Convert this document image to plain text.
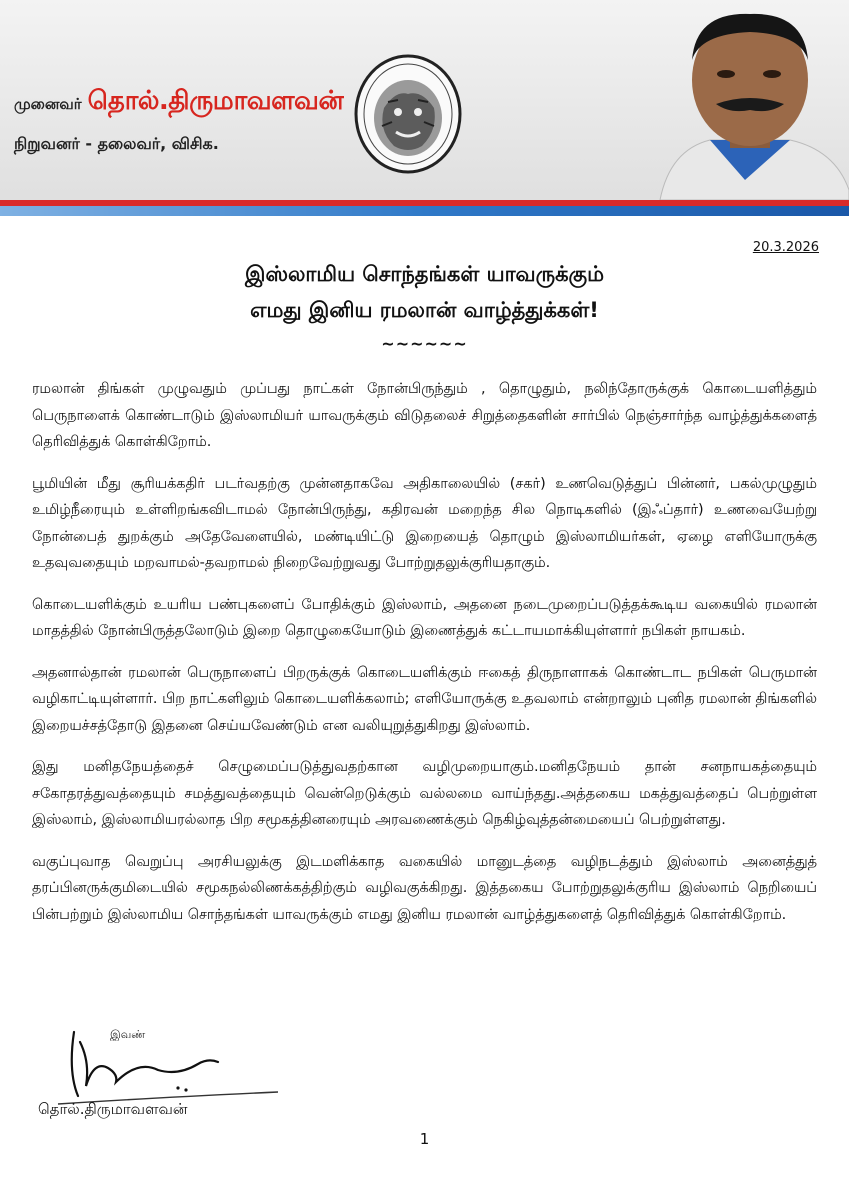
முனைவர் தொல்.திருமாவளவன்
நிறுவனர் - தலைவர், விசிக.
20.3.2026
இஸ்லாமிய சொந்தங்கள் யாவருக்கும்
எமது இனிய ரமலான் வாழ்த்துக்கள்!
~~~~~~

ரமலான் திங்கள் முழுவதும் முப்பது நாட்கள் நோன்பிருந்தும் , தொழுதும், நலிந்தோருக்குக் கொடையளித்தும் பெருநாளைக் கொண்டாடும் இஸ்லாமியர் யாவருக்கும் விடுதலைச் சிறுத்தைகளின் சார்பில் நெஞ்சார்ந்த வாழ்த்துக்களைத் தெரிவித்துக் கொள்கிறோம்.

பூமியின் மீது சூரியக்கதிர் படர்வதற்கு முன்னதாகவே அதிகாலையில் (சகர்) உணவெடுத்துப் பின்னர், பகல்முழுதும் உமிழ்நீரையும் உள்ளிறங்கவிடாமல் நோன்பிருந்து, கதிரவன் மறைந்த சில நொடிகளில் (இஃப்தார்) உணவையேற்று நோன்பைத் துறக்கும் அதேவேளையில், மண்டியிட்டு இறையைத் தொழும் இஸ்லாமியர்கள், ஏழை எளியோருக்கு உதவுவதையும் மறவாமல்-தவறாமல் நிறைவேற்றுவது போற்றுதலுக்குரியதாகும்.

கொடையளிக்கும் உயரிய பண்புகளைப் போதிக்கும் இஸ்லாம், அதனை நடைமுறைப்படுத்தக்கூடிய வகையில் ரமலான் மாதத்தில் நோன்பிருத்தலோடும் இறை தொழுகையோடும் இணைத்துக் கட்டாயமாக்கியுள்ளார் நபிகள் நாயகம்.

அதனால்தான் ரமலான் பெருநாளைப் பிறருக்குக் கொடையளிக்கும் ஈகைத் திருநாளாகக் கொண்டாட நபிகள் பெருமான் வழிகாட்டியுள்ளார். பிற நாட்களிலும் கொடையளிக்கலாம்; எளியோருக்கு உதவலாம் என்றாலும் புனித ரமலான் திங்களில் இறையச்சத்தோடு இதனை செய்யவேண்டும் என வலியுறுத்துகிறது இஸ்லாம்.

இது மனிதநேயத்தைச் செழுமைப்படுத்துவதற்கான வழிமுறையாகும்.மனிதநேயம் தான் சனநாயகத்தையும் சகோதரத்துவத்தையும் சமத்துவத்தையும் வென்றெடுக்கும் வல்லமை வாய்ந்தது.அத்தகைய மகத்துவத்தைப் பெற்றுள்ள இஸ்லாம், இஸ்லாமியரல்லாத பிற சமூகத்தினரையும் அரவணைக்கும் நெகிழ்வுத்தன்மையைப் பெற்றுள்ளது.

வகுப்புவாத வெறுப்பு அரசியலுக்கு இடமளிக்காத வகையில் மானுடத்தை வழிநடத்தும் இஸ்லாம் அனைத்துத் தரப்பினருக்குமிடையில் சமூகநல்லிணக்கத்திற்கும் வழிவகுக்கிறது. இத்தகைய போற்றுதலுக்குரிய இஸ்லாம் நெறியைப் பின்பற்றும் இஸ்லாமிய சொந்தங்கள் யாவருக்கும் எமது இனிய ரமலான் வாழ்த்துகளைத் தெரிவித்துக் கொள்கிறோம்.

இவண்
தொல்.திருமாவளவன்
1
